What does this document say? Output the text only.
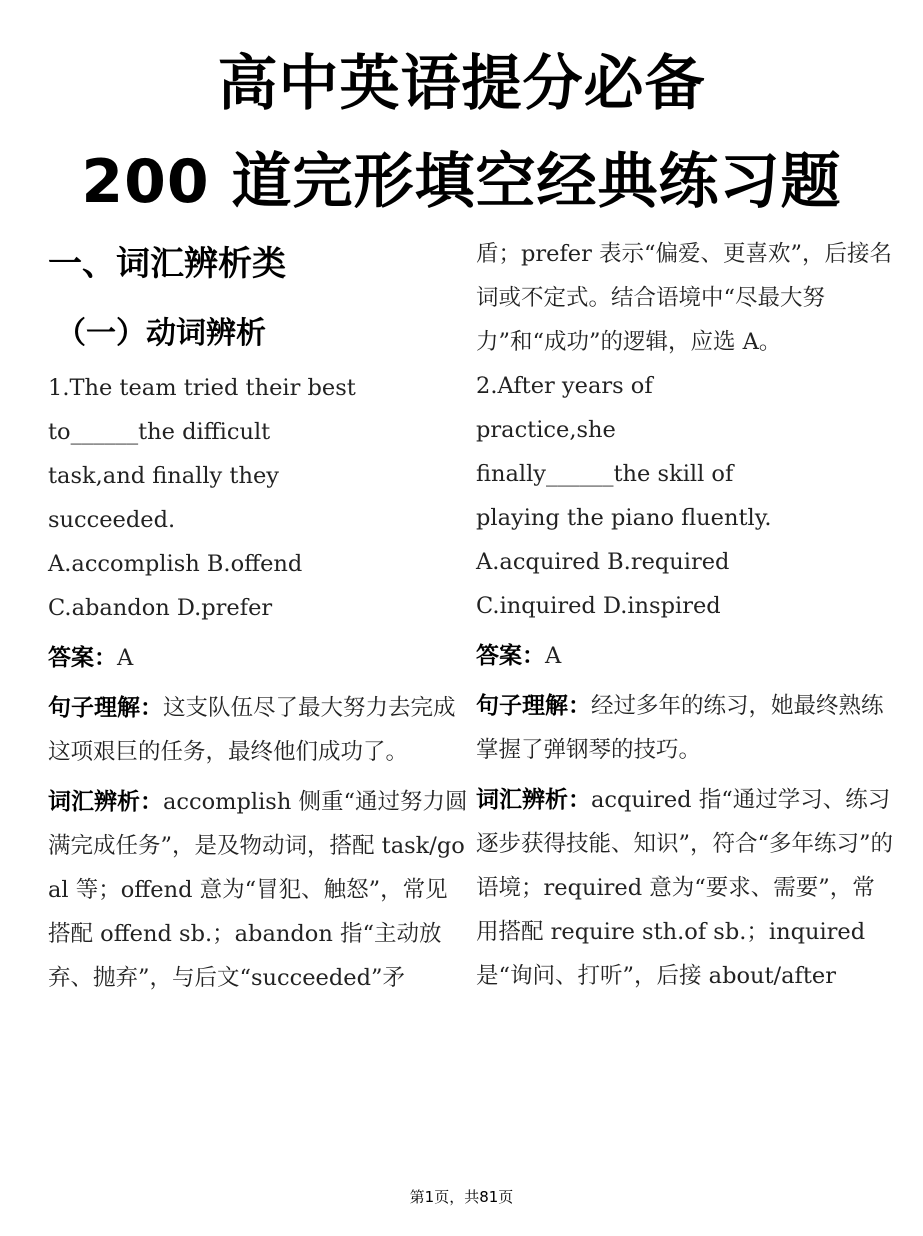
高中英语提分必备
200 道完形填空经典练习题
一、词汇辨析类
（一）动词辨析

1.The team tried their best
to______the difficult
task,and finally they
succeeded.

A.accomplish B.offend

C.abandon D.prefer

答案：A

句子理解：这支队伍尽了最大努力去完成这项艰巨的任务，最终他们成功了。

词汇辨析：accomplish 侧重“通过努力圆满完成任务”，是及物动词，搭配 task/goal 等；offend 意为“冒犯、触怒”，常见搭配 offend sb.；abandon 指“主动放弃、抛弃”，与后文“succeeded”矛

盾；prefer 表示“偏爱、更喜欢”，后接名词或不定式。结合语境中“尽最大努力”和“成功”的逻辑，应选 A。

2.After years of
practice,she
finally______the skill of
playing the piano fluently.

A.acquired B.required

C.inquired D.inspired

答案：A

句子理解：经过多年的练习，她最终熟练掌握了弹钢琴的技巧。

词汇辨析：acquired 指“通过学习、练习逐步获得技能、知识”，符合“多年练习”的语境；required 意为“要求、需要”，常用搭配 require sth.of sb.；inquired 是“询问、打听”，后接 about/after

第1页，共81页
